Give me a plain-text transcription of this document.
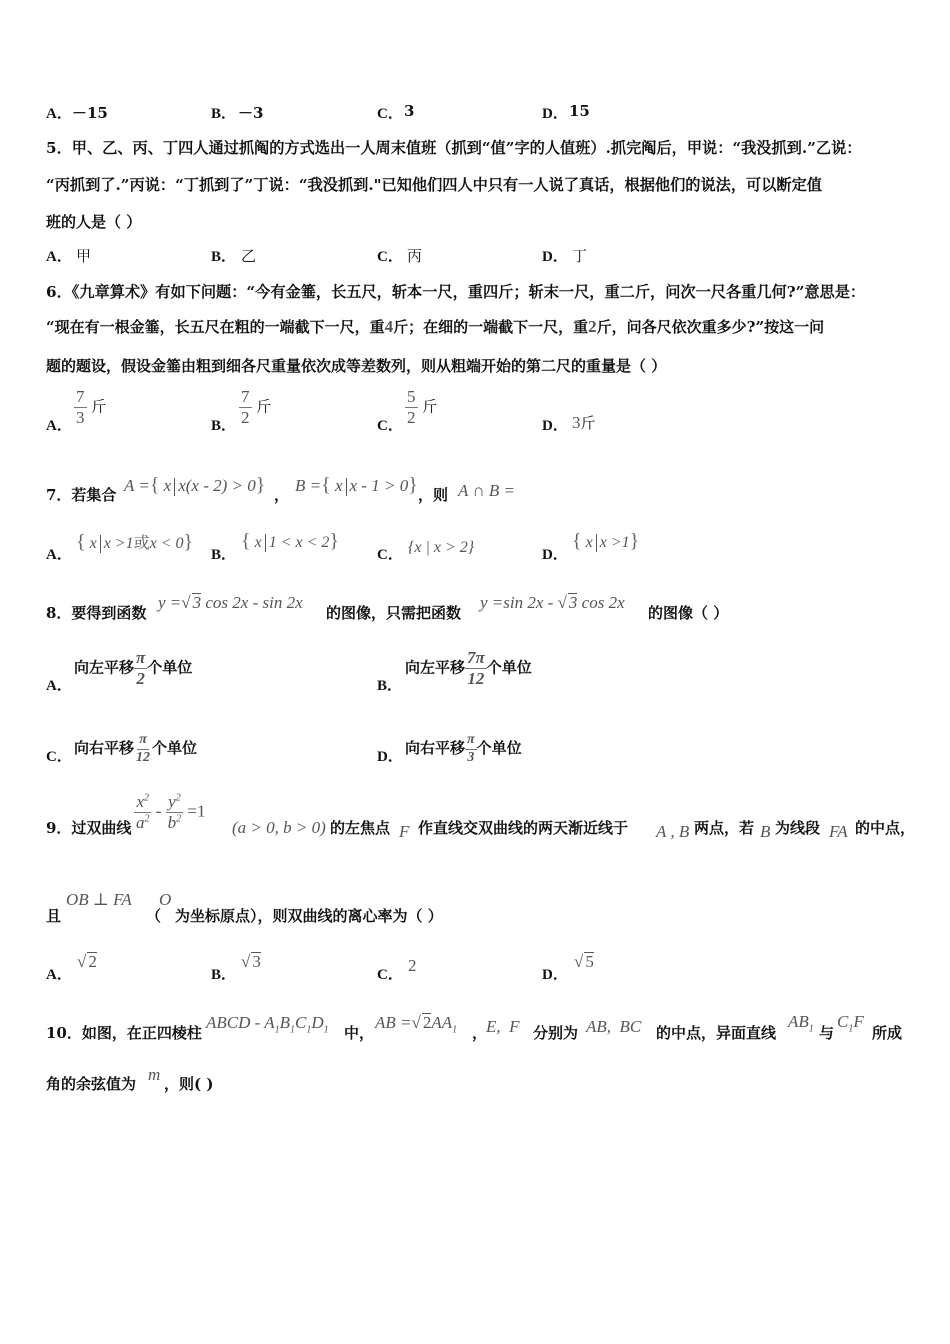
A． －15	B． －3	C． 3	D． 15
5．甲、乙、丙、丁四人通过抓阄的方式选出一人周末值班（抓到“值”字的人值班）.抓完阄后，甲说：“我没抓到.”乙说：
“丙抓到了.”丙说：“丁抓到了”丁说：“我没抓到."已知他们四人中只有一人说了真话，根据他们的说法，可以断定值
班的人是（ ）
A． 甲	B． 乙	C． 丙	D． 丁
6．《九章算术》有如下问题：“今有金箠，长五尺，斩本一尺，重四斤；斩末一尺，重二斤，问次一尺各重几何?”意思是：
“现在有一根金箠，长五尺在粗的一端截下一尺，重4斤；在细的一端截下一尺，重2斤，问各尺依次重多少?”按这一问
题的题设，假设金箠由粗到细各尺重量依次成等差数列，则从粗端开始的第二尺的重量是（ ）
A． $\frac{7}{3}$ 斤
B． $\frac{7}{2}$ 斤
C． $\frac{5}{2}$ 斤
D． 3斤
7．若集合 A ={ x x(x - 2) > 0} ， B ={ x x - 1 > 0} ，则 A ∩ B =
A．
{ x x >1或x < 0}
B．
{ x 1 < x < 2}
C． {x | x > 2}	D．
{ x x >1}
8．要得到函数
y =√ 3 cos 2x - sin 2x
的图像，只需把函数
y =sin 2x - √ 3 cos 2x
的图像（ ）
A．
向左平移 $\frac{\pi}{2}$ 个单位
B．
向左平移 $\frac{7\pi}{12}$ 个单位
C． 向右平移 $\frac{\pi}{12}$ 个单位	D． 向右平移 $\frac{\pi}{3}$ 个单位
9．过双曲线 $\frac{x^2}{a^2} - \frac{y^2}{b^2} =1$
(a > 0, b > 0) 的左焦点 F 作直线交双曲线的两天渐近线于 A , B 两点，若 B 为线段 FA 的中点，
且
OB ⊥ FA
（
O
为坐标原点），则双曲线的离心率为（ ）
A．
√ 2
B．
√ 3
C． 2	D．
√ 5
10．如图，在正四棱柱
ABCD - $A_1B_1C_1D_1$ 中，
AB =√ $2AA_1$ ，
E,  F 分别为 AB,  BC 的中点，异面直线
$AB_1$ 与
$C_1F$
所成
角的余弦值为 m ，则( )
